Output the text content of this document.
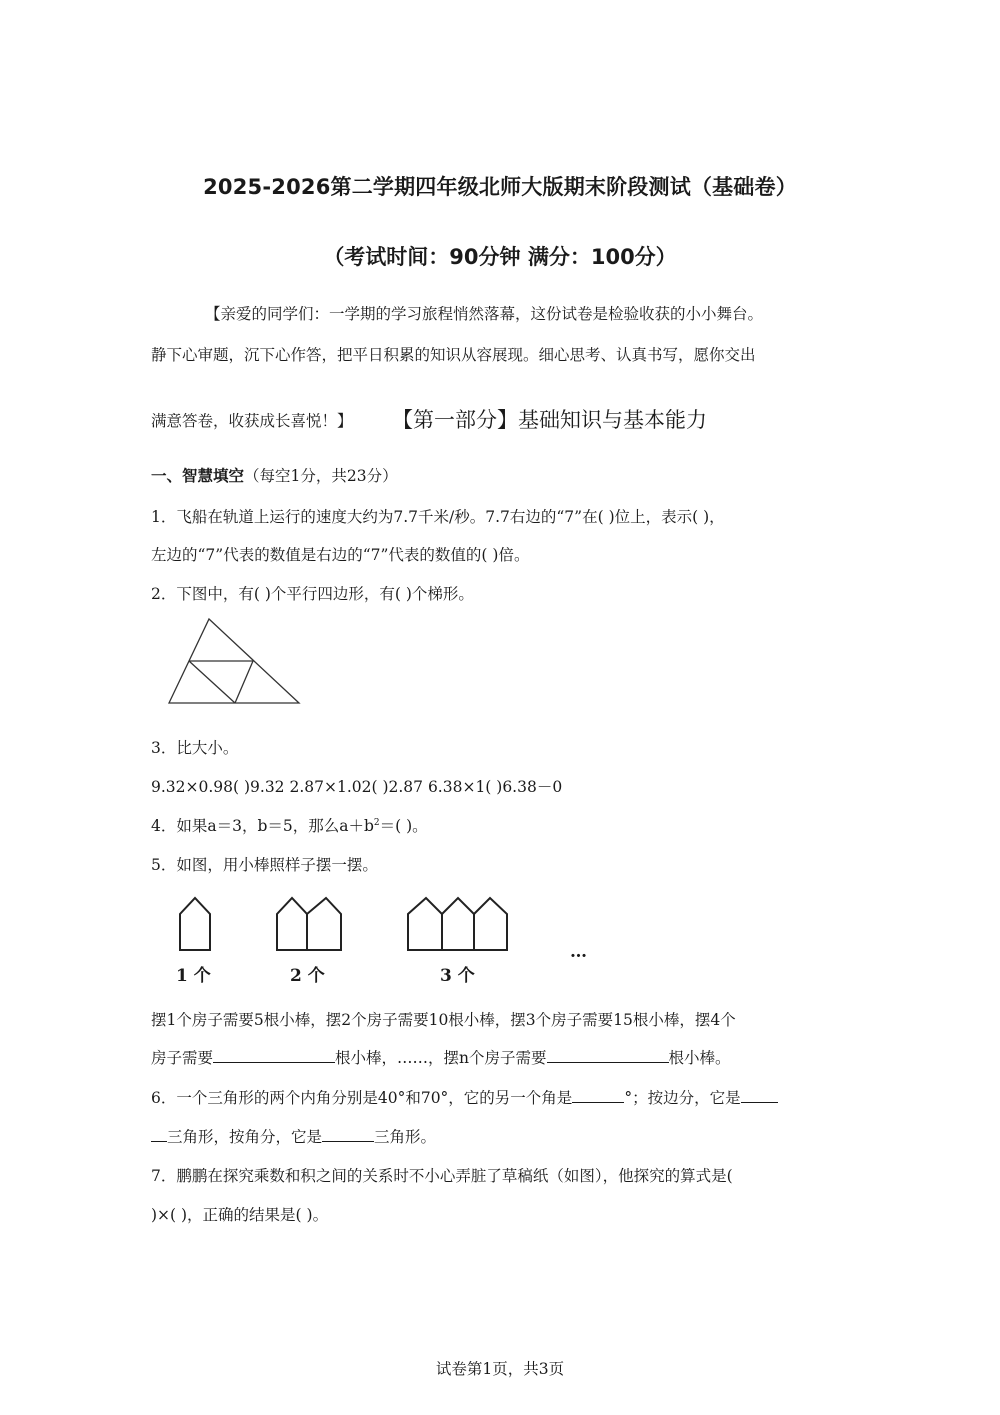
2025-2026第二学期四年级北师大版期末阶段测试（基础卷）
（考试时间：90分钟 满分：100分）
【亲爱的同学们：一学期的学习旅程悄然落幕，这份试卷是检验收获的小小舞台。
静下心审题，沉下心作答，把平日积累的知识从容展现。细心思考、认真书写，愿你交出
满意答卷，收获成长喜悦！】 【第一部分】基础知识与基本能力
一、智慧填空（每空1分，共23分）
1．飞船在轨道上运行的速度大约为7.7千米/秒。7.7右边的“7”在( )位上，表示( )，
左边的“7”代表的数值是右边的“7”代表的数值的( )倍。
2．下图中，有( )个平行四边形，有( )个梯形。
3．比大小。
9.32×0.98( )9.32 2.87×1.02( )2.87 6.38×1( )6.38－0
4．如果a＝3，b＝5，那么$a+b^2=$( )。
5．如图，用小棒照样子摆一摆。
1 个	2 个	3 个
…
摆1个房子需要5根小棒，摆2个房子需要10根小棒，摆3个房子需要15根小棒，摆4个
房子需要	根小棒，……，摆n个房子需要	根小棒。
6．一个三角形的两个内角分别是40°和70°，它的另一个角是	°；按边分，它是
三角形，按角分，它是	三角形。
7．鹏鹏在探究乘数和积之间的关系时不小心弄脏了草稿纸（如图），他探究的算式是(
)×( )，正确的结果是( )。
试卷第1页，共3页
